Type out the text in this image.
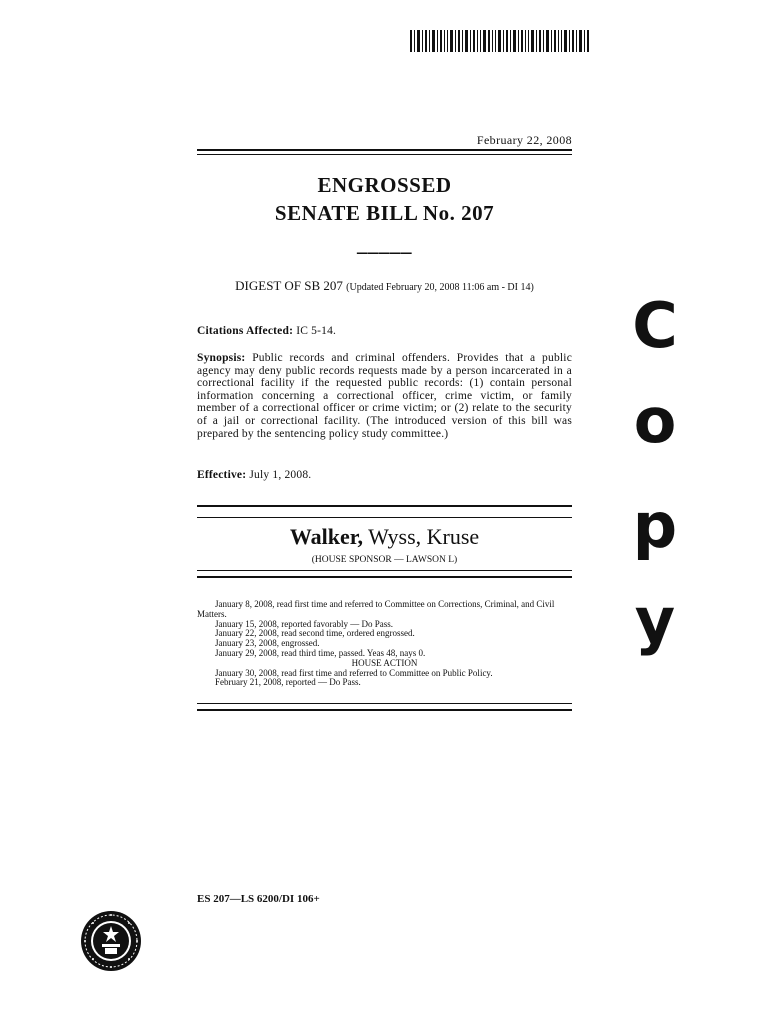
February 22, 2008
ENGROSSED
SENATE BILL No. 207
_____
DIGEST OF SB 207 (Updated February 20, 2008 11:06 am - DI 14)
Citations Affected: IC 5-14.
Synopsis: Public records and criminal offenders. Provides that a public agency may deny public records requests made by a person incarcerated in a correctional facility if the requested public records: (1) contain personal information concerning a correctional officer, crime victim, or family member of a correctional officer or crime victim; or (2) relate to the security of a jail or correctional facility. (The introduced version of this bill was prepared by the sentencing policy study committee.)
Effective: July 1, 2008.
Walker, Wyss, Kruse
(HOUSE SPONSOR — LAWSON L)
January 8, 2008, read first time and referred to Committee on Corrections, Criminal, and Civil Matters.
January 15, 2008, reported favorably — Do Pass.
January 22, 2008, read second time, ordered engrossed.
January 23, 2008, engrossed.
January 29, 2008, read third time, passed. Yeas 48, nays 0.
HOUSE ACTION
January 30, 2008, read first time and referred to Committee on Public Policy.
February 21, 2008, reported — Do Pass.
ES 207—LS 6200/DI 106+
C
o
p
y
